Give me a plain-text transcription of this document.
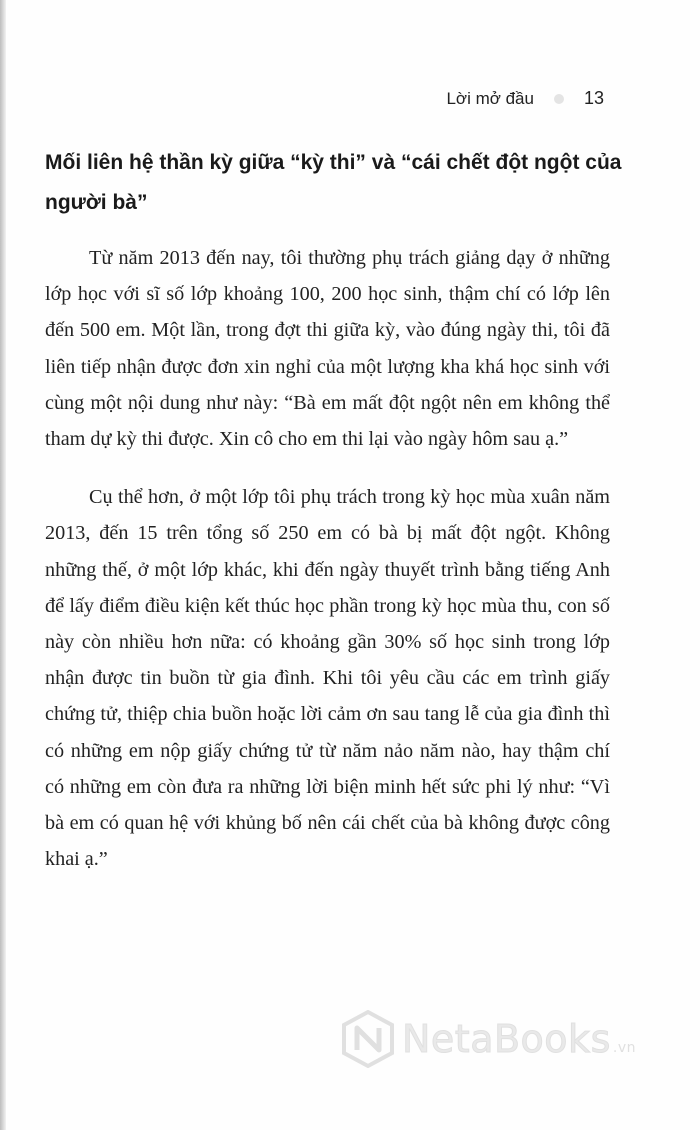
Lời mở đầu	13
Mối liên hệ thần kỳ giữa “kỳ thi” và “cái chết đột ngột của người bà”

Từ năm 2013 đến nay, tôi thường phụ trách giảng dạy ở những lớp học với sĩ số lớp khoảng 100, 200 học sinh, thậm chí có lớp lên đến 500 em. Một lần, trong đợt thi giữa kỳ, vào đúng ngày thi, tôi đã liên tiếp nhận được đơn xin nghỉ của một lượng kha khá học sinh với cùng một nội dung như này: “Bà em mất đột ngột nên em không thể tham dự kỳ thi được. Xin cô cho em thi lại vào ngày hôm sau ạ.”

Cụ thể hơn, ở một lớp tôi phụ trách trong kỳ học mùa xuân năm 2013, đến 15 trên tổng số 250 em có bà bị mất đột ngột. Không những thế, ở một lớp khác, khi đến ngày thuyết trình bằng tiếng Anh để lấy điểm điều kiện kết thúc học phần trong kỳ học mùa thu, con số này còn nhiều hơn nữa: có khoảng gần 30% số học sinh trong lớp nhận được tin buồn từ gia đình. Khi tôi yêu cầu các em trình giấy chứng tử, thiệp chia buồn hoặc lời cảm ơn sau tang lễ của gia đình thì có những em nộp giấy chứng tử từ năm nảo năm nào, hay thậm chí có những em còn đưa ra những lời biện minh hết sức phi lý như: “Vì bà em có quan hệ với khủng bố nên cái chết của bà không được công khai ạ.”

NetaBooks .vn
